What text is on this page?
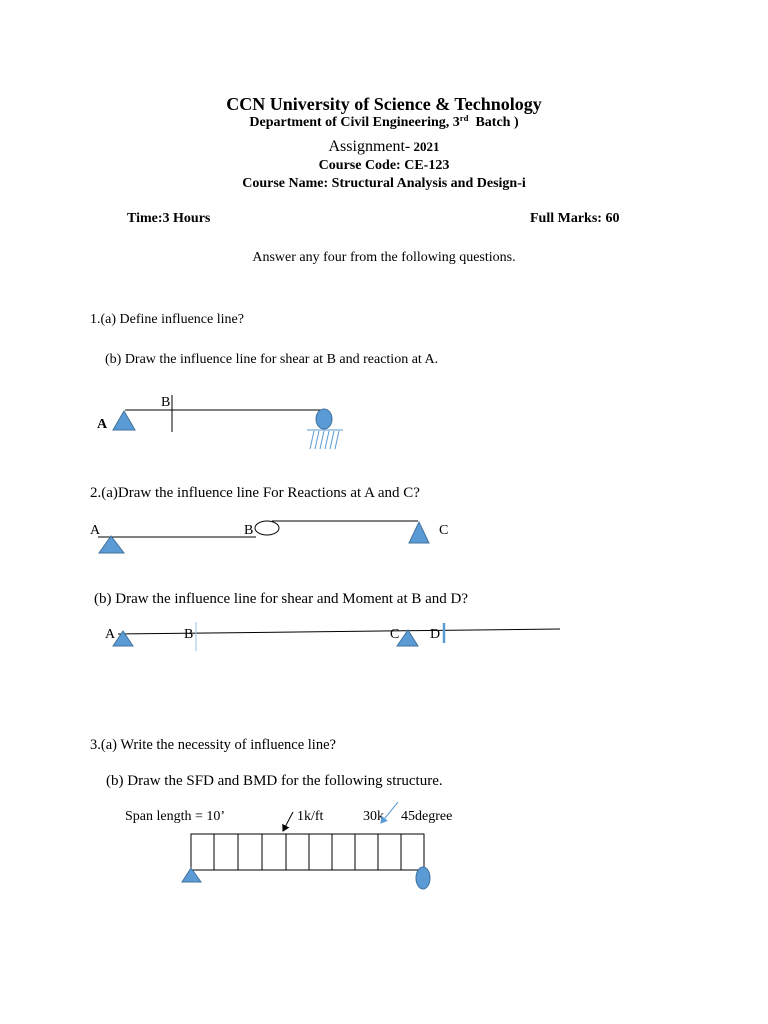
CCN University of Science & Technology
Department of Civil Engineering, 3rd  Batch )
Assignment- 2021
Course Code: CE-123
Course Name: Structural Analysis and Design-i
Time:3 Hours	Full Marks: 60
Answer any four from the following questions.
1.(a) Define influence line?
(b) Draw the influence line for shear at B and reaction at A.
A
B
2.(a)Draw the influence line For Reactions at A and C?
A	B	C
(b) Draw the influence line for shear and Moment at B and D?
A	B	C D
3.(a) Write the necessity of influence line?
(b) Draw the SFD and BMD for the following structure.
Span length = 10’	1k/ft	30k 45degree
